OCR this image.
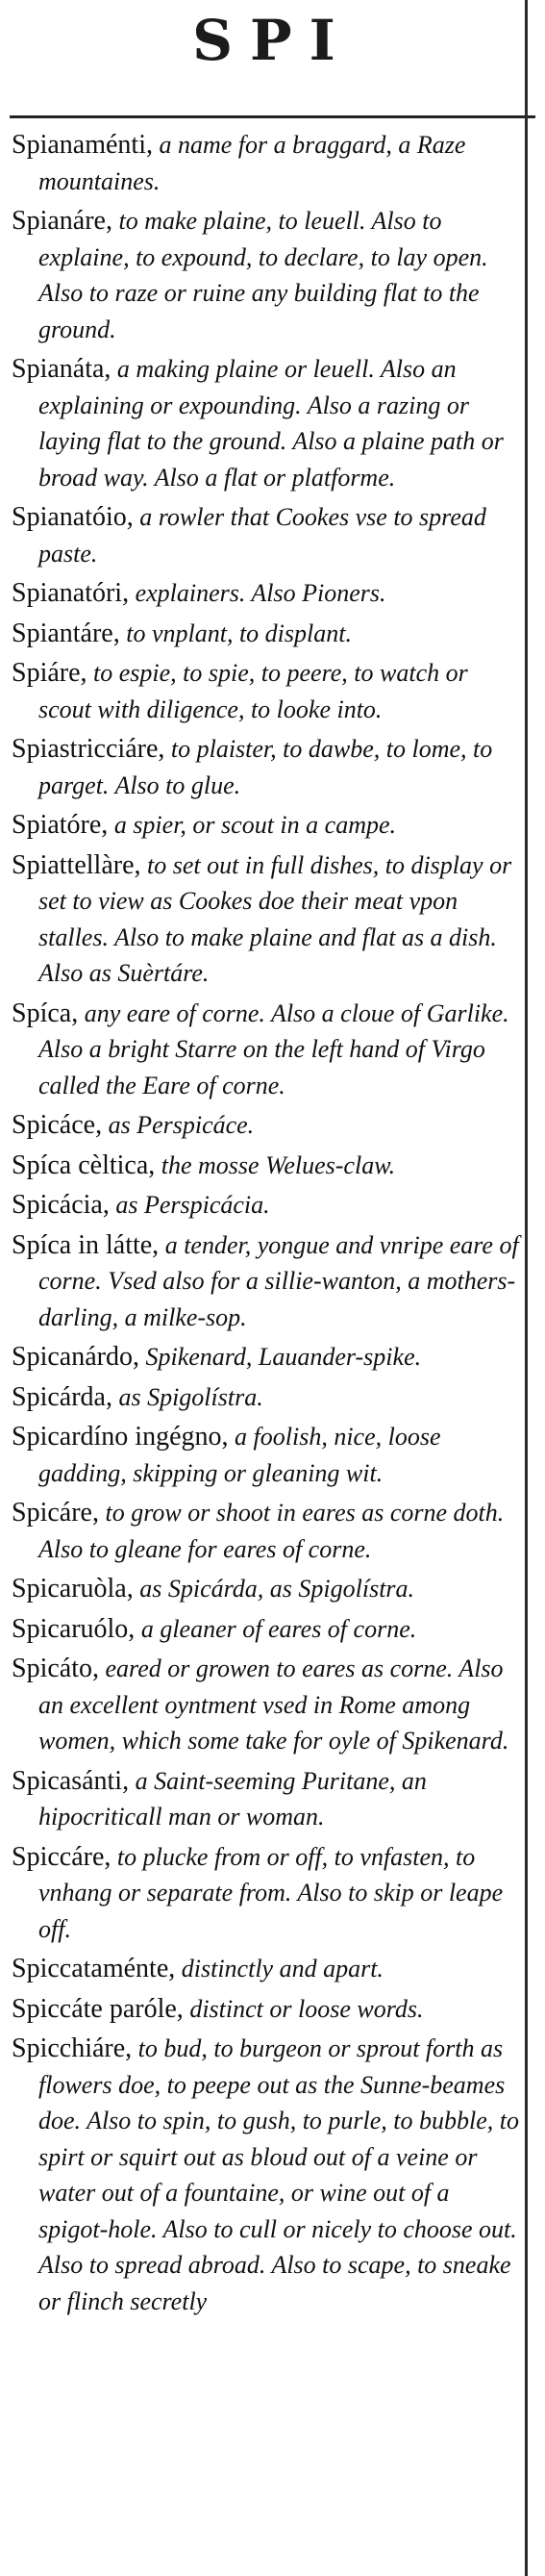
SPI

Spianaménti, a name for a braggard, a Raze mountaines.

Spianáre, to make plaine, to leuell. Also to explaine, to expound, to declare, to lay open. Also to raze or ruine any building flat to the ground.

Spianáta, a making plaine or leuell. Also an explaining or expounding. Also a razing or laying flat to the ground. Also a plaine path or broad way. Also a flat or platforme.

Spianatóio, a rowler that Cookes vse to spread paste.

Spianatóri, explainers. Also Pioners.

Spiantáre, to vnplant, to displant.

Spiáre, to espie, to spie, to peere, to watch or scout with diligence, to looke into.

Spiastricciáre, to plaister, to dawbe, to lome, to parget. Also to glue.

Spiatóre, a spier, or scout in a campe.

Spiattellàre, to set out in full dishes, to display or set to view as Cookes doe their meat vpon stalles. Also to make plaine and flat as a dish. Also as Suèrtáre.

Spíca, any eare of corne. Also a cloue of Garlike. Also a bright Starre on the left hand of Virgo called the Eare of corne.

Spicáce, as Perspicáce.

Spíca cèltica, the mosse Welues-claw.

Spicácia, as Perspicácia.

Spíca in látte, a tender, yongue and vnripe eare of corne. Vsed also for a sillie-wanton, a mothers-darling, a milke-sop.

Spicanárdo, Spikenard, Lauander-spike.

Spicárda, as Spigolístra.

Spicardíno ingégno, a foolish, nice, loose gadding, skipping or gleaning wit.

Spicáre, to grow or shoot in eares as corne doth. Also to gleane for eares of corne.

Spicaruòla, as Spicárda, as Spigolístra.

Spicaruólo, a gleaner of eares of corne.

Spicáto, eared or growen to eares as corne. Also an excellent oyntment vsed in Rome among women, which some take for oyle of Spikenard.

Spicasánti, a Saint-seeming Puritane, an hipocriticall man or woman.

Spiccáre, to plucke from or off, to vnfasten, to vnhang or separate from. Also to skip or leape off.

Spiccataménte, distinctly and apart.

Spiccáte paróle, distinct or loose words.

Spicchiáre, to bud, to burgeon or sprout forth as flowers doe, to peepe out as the Sunne-beames doe. Also to spin, to gush, to purle, to bubble, to spirt or squirt out as bloud out of a veine or water out of a fountaine, or wine out of a spigot-hole. Also to cull or nicely to choose out. Also to spread abroad. Also to scape, to sneake or flinch secretly
